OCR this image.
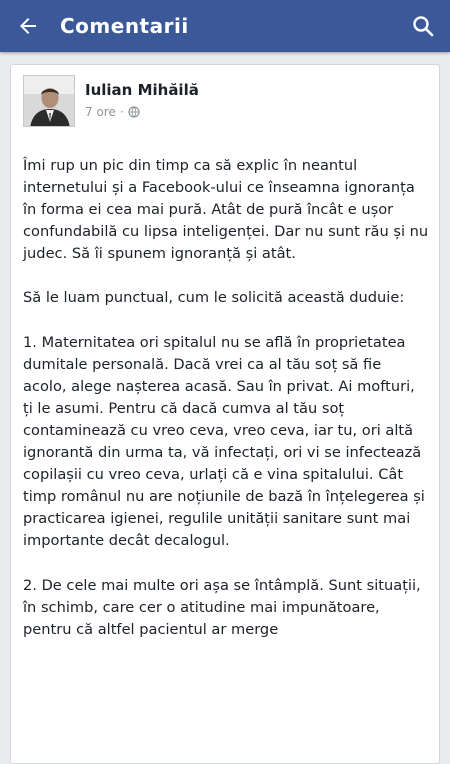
Comentarii
Iulian Mihăilă
7 ore ·

Îmi rup un pic din timp ca să explic în neantul internetului și a Facebook-ului ce înseamna ignoranța în forma ei cea mai pură. Atât de pură încât e ușor confundabilă cu lipsa inteligenței. Dar nu sunt rău și nu judec. Să îi spunem ignoranță și atât.

Să le luam punctual, cum le solicită această duduie:

1. Maternitatea ori spitalul nu se află în proprietatea dumitale personală. Dacă vrei ca al tău soț să fie acolo, alege nașterea acasă. Sau în privat. Ai mofturi, ți le asumi. Pentru că dacă cumva al tău soț contaminează cu vreo ceva, vreo ceva, iar tu, ori altă ignorantă din urma ta, vă infectați, ori vi se infectează copilașii cu vreo ceva, urlați că e vina spitalului. Cât timp românul nu are noțiunile de bază în înțelegerea și practicarea igienei, regulile unității sanitare sunt mai importante decât decalogul.

2. De cele mai multe ori așa se întâmplă. Sunt situații, în schimb, care cer o atitudine mai impunătoare, pentru că altfel pacientul ar merge
